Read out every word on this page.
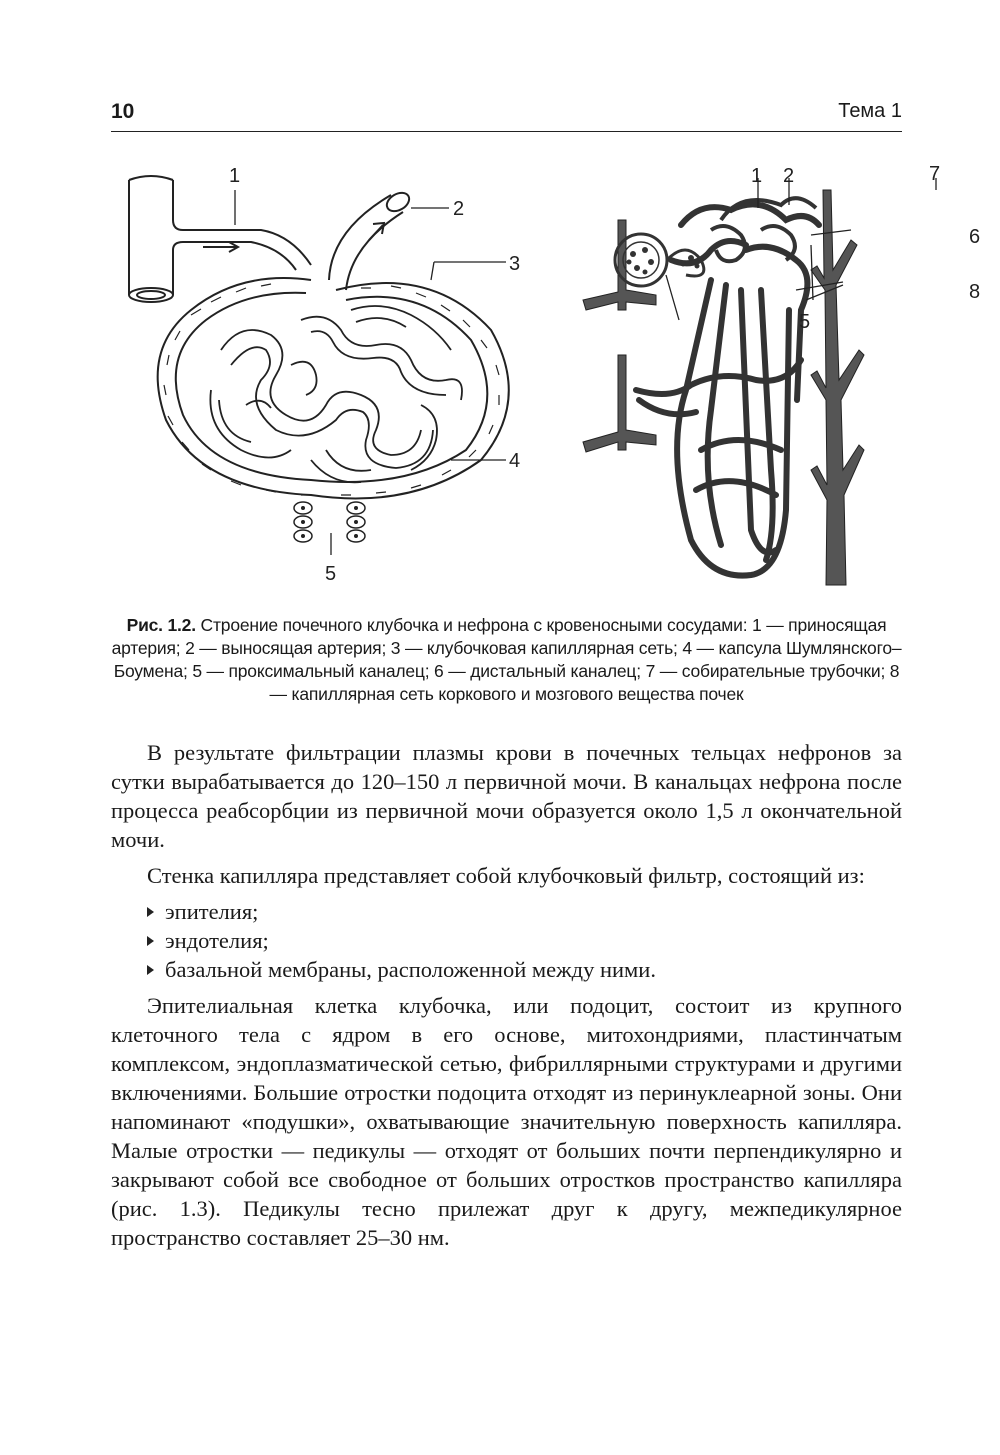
10	Тема 1
1
2
3
4
5
1 2	7
6
8
5
Рис. 1.2. Строение почечного клубочка и нефрона с кровеносными сосудами: 1 — приносящая артерия; 2 — выносящая артерия; 3 — клубочковая капиллярная сеть; 4 — капсула Шумлянского–Боумена; 5 — проксимальный каналец; 6 — дистальный каналец; 7 — собирательные трубочки; 8 — капиллярная сеть коркового и мозгового вещества почек

В результате фильтрации плазмы крови в почечных тельцах нефронов за сутки вырабатывается до 120–150 л первичной мочи. В канальцах нефрона после процесса реабсорбции из первичной мочи образуется около 1,5 л окончательной мочи.

Стенка капилляра представляет собой клубочковый фильтр, состоящий из:

эпителия;
эндотелия;
базальной мембраны, расположенной между ними.

Эпителиальная клетка клубочка, или подоцит, состоит из крупного клеточного тела с ядром в его основе, митохондриями, пластинчатым комплексом, эндоплазматической сетью, фибриллярными структурами и другими включениями. Большие отростки подоцита отходят из перинуклеарной зоны. Они напоминают «подушки», охватывающие значительную поверхность капилляра. Малые отростки — педикулы — отходят от больших почти перпендикулярно и закрывают собой все свободное от больших отростков пространство капилляра (рис. 1.3). Педикулы тесно прилежат друг к другу, межпедикулярное пространство составляет 25–30 нм.
